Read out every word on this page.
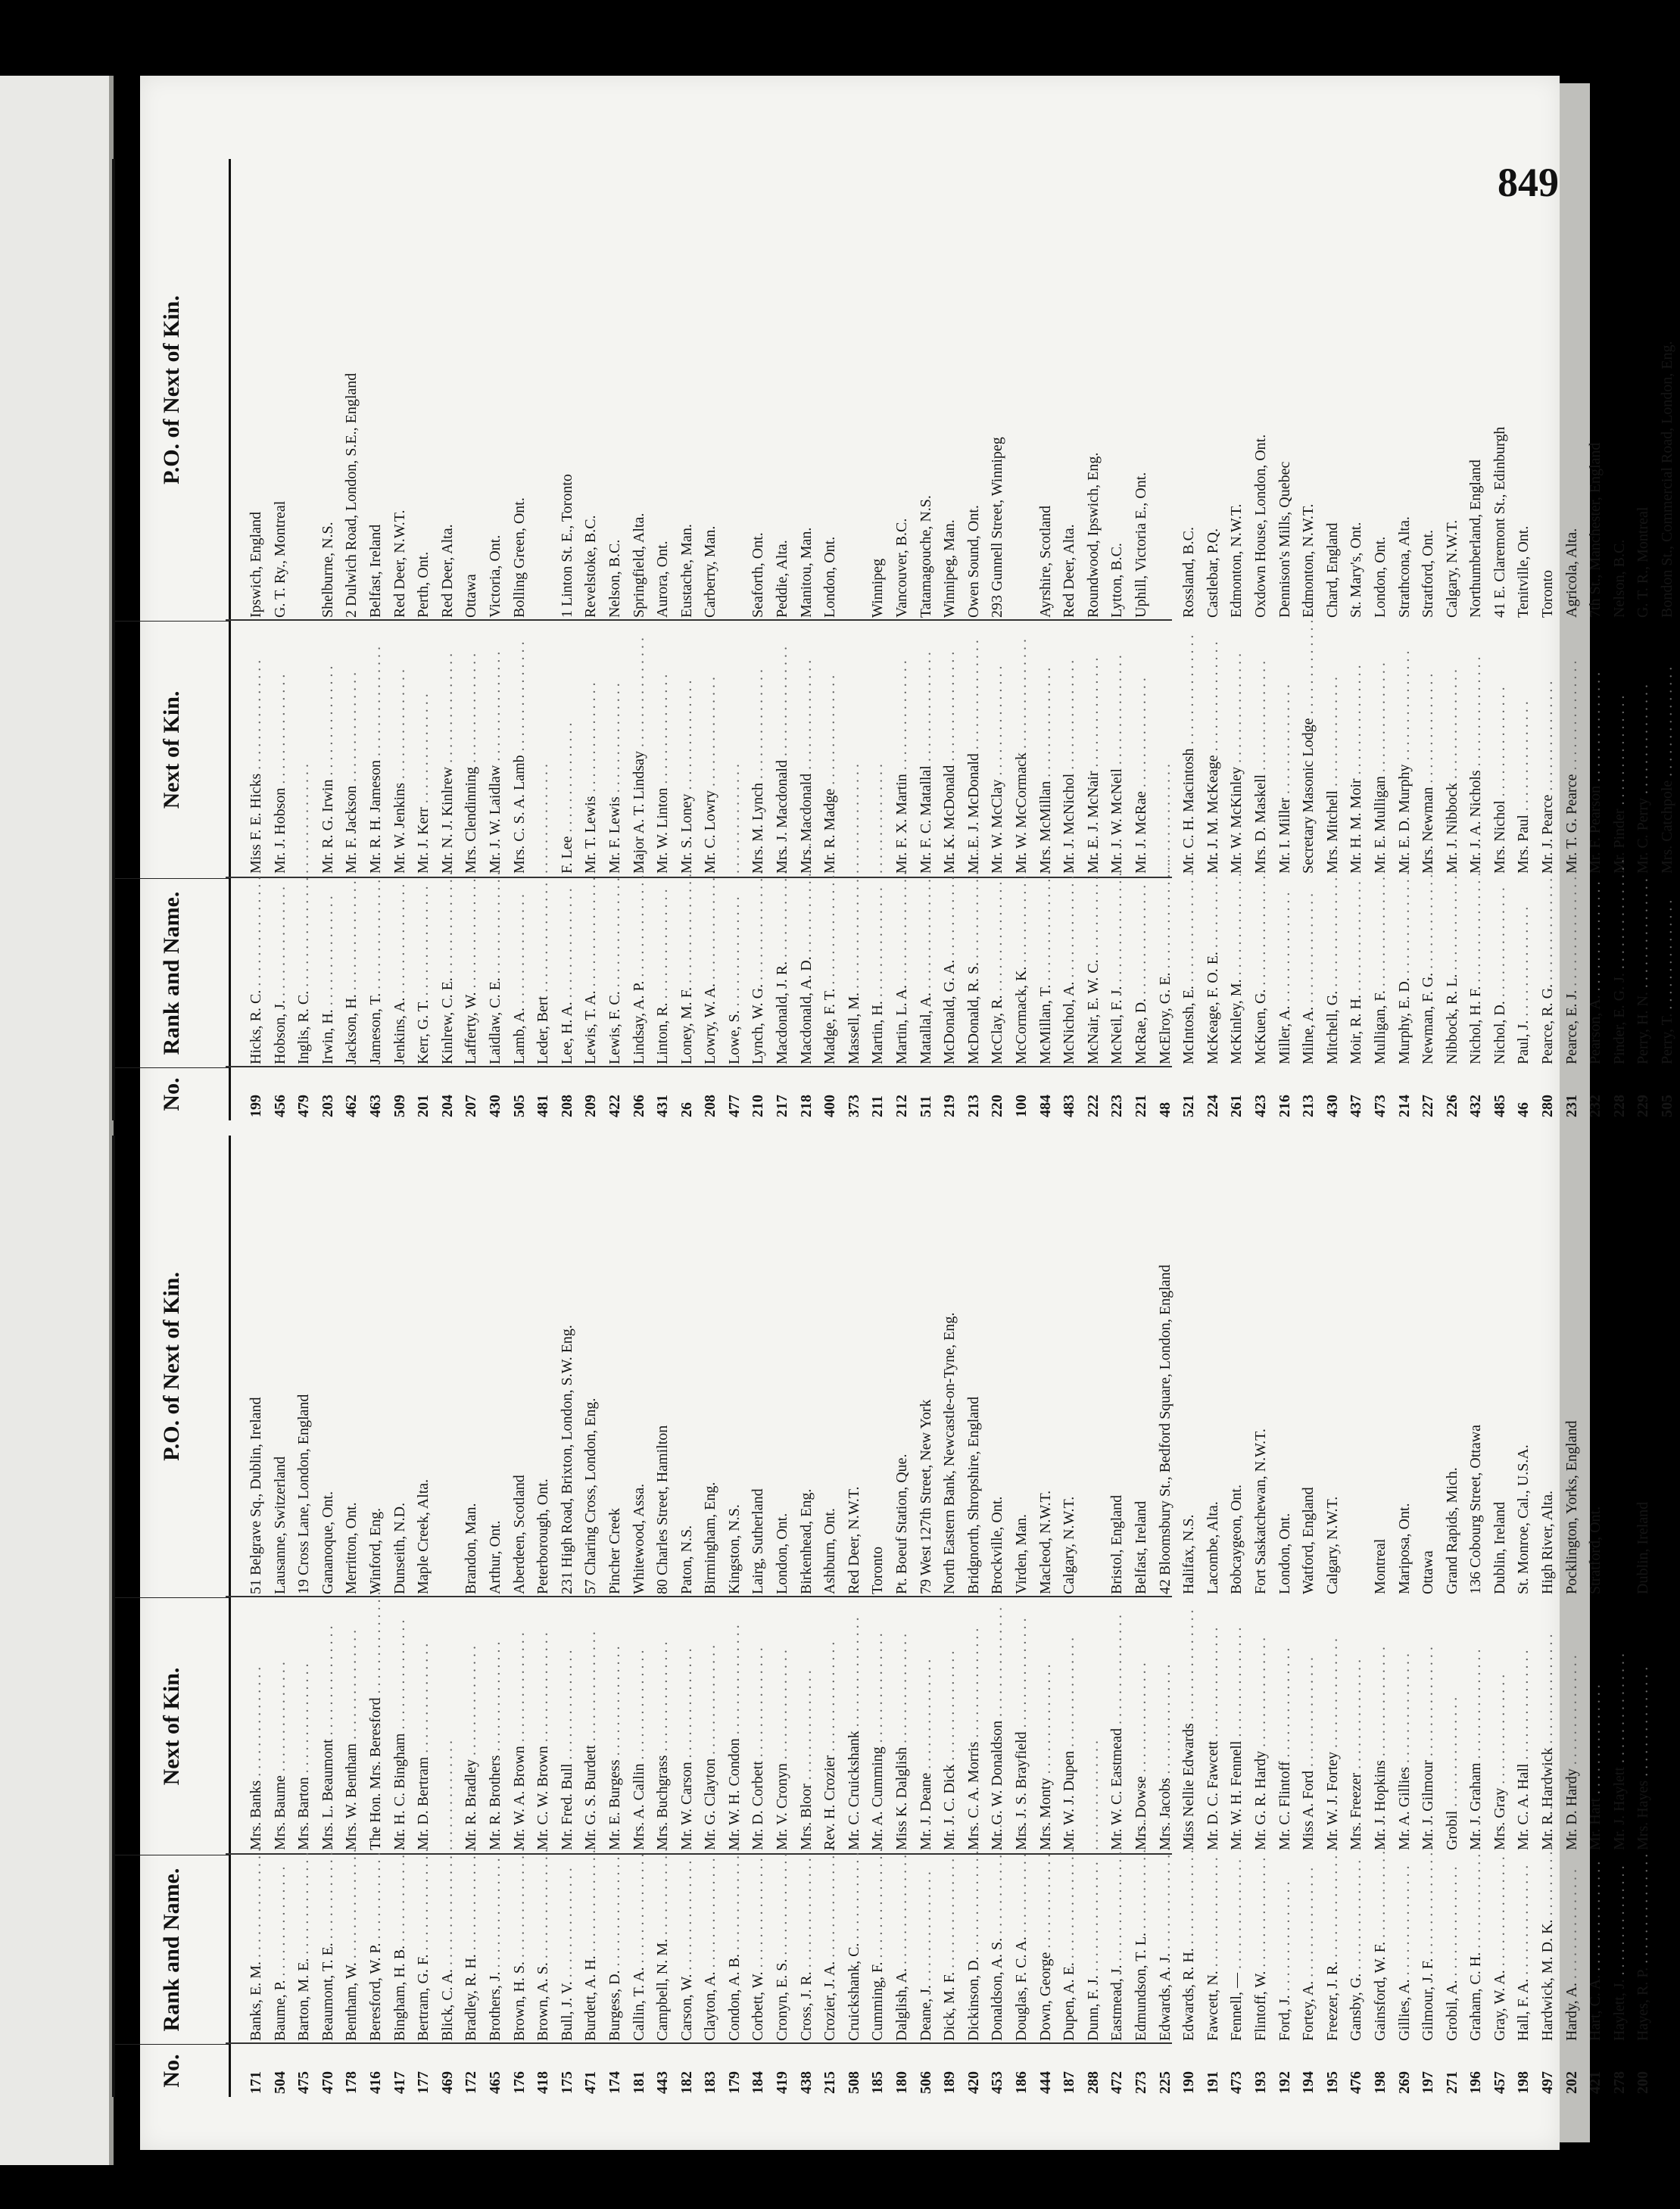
849
No.
Rank and Name.
Next of Kin.
P.O. of Next of Kin.
171
Banks, E. M. . . .
Mrs. Banks . . .
51 Belgrave Sq., Dublin, Ireland
504
Baume, P. . . .
Mrs. Baume . . .
Lausanne, Switzerland
475
Barton, M. E. . . .
Mrs. Barton . . .
19 Cross Lane, London, England
470
Beaumont, T. E. . . .
Mrs. L. Beaumont . . .
Gananoque, Ont.
178
Bentham, W. . . .
Mrs. W. Bentham . . .
Merritton, Ont.
416
Beresford, W. P. . . .
The Hon. Mrs. Beresford . . .
Winford, Eng.
417
Bingham, H. B. . . .
Mr. H. C. Bingham . . .
Dunseith, N.D.
177
Bertram, G. F. . . .
Mr. D. Bertram . . .
Maple Creek, Alta.
469
Blick, C. A. . . .
. . .
172
Bradley, R. H. . . .
Mr. R. Bradley . . .
Brandon, Man.
465
Brothers, J. . . .
Mr. R. Brothers . . .
Arthur, Ont.
176
Brown, H. S. . . .
Mr. W. A. Brown . . .
Aberdeen, Scotland
418
Brown, A. S. . . .
Mr. C. W. Brown . . .
Peterborough, Ont.
175
Bull, J. V. . . .
Mr. Fred. Bull . . .
231 High Road, Brixton, London, S.W. Eng.
471
Burdett, A. H. . . .
Mr. G. S. Burdett . . .
57 Charing Cross, London, Eng.
174
Burgess, D. . . .
Mr. E. Burgess . . .
Pincher Creek
181
Callin, T. A. . . .
Mrs. A. Callin . . .
Whitewood, Assa.
443
Campbell, N. M. . . .
Mrs. Buchgrass . . .
80 Charles Street, Hamilton
182
Carson, W. . . .
Mr. W. Carson . . .
Paton, N.S.
183
Clayton, A. . . .
Mr. G. Clayton . . .
Birmingham, Eng.
179
Condon, A. B. . . .
Mr. W. H. Condon . . .
Kingston, N.S.
184
Corbett, W. . . .
Mr. D. Corbett . . .
Lairg, Sutherland
419
Cronyn, E. S. . . .
Mr. V. Cronyn . . .
London, Ont.
438
Cross, J. R. . . .
Mrs. Bloor . . .
Birkenhead, Eng.
215
Crozier, J. A. . . .
Rev. H. Crozier . . .
Ashburn, Ont.
508
Cruickshank, C. . . .
Mr. C. Cruickshank . . .
Red Deer, N.W.T.
185
Cumming, F. . . .
Mr. A. Cumming . . .
Toronto
180
Dalglish, A. . . .
Miss K. Dalglish . . .
Pt. Boeuf Station, Que.
506
Deane, J. . . .
Mr. J. Deane . . .
79 West 127th Street, New York
189
Dick, M. F. . . .
Mr. J. C. Dick . . .
North Eastern Bank, Newcastle-on-Tyne, Eng.
420
Dickinson, D. . . .
Mrs. C. A. Morris . . .
Bridgnorth, Shropshire, England
453
Donaldson, A. S. . . .
Mr. G. W. Donaldson . . .
Brockville, Ont.
186
Douglas, F. C. A. . . .
Mrs. J. S. Brayfield . . .
Virden, Man.
444
Down, George . . .
Mrs. Monty . . .
Macleod, N.W.T.
187
Dupen, A. E. . . .
Mr. W. J. Dupen . . .
Calgary, N.W.T.
288
Dunn, F. J. . . .
. . .
472
Eastmead, J. . . .
Mr. W. C. Eastmead . . .
Bristol, England
273
Edmundson, T. L. . . .
Mrs. Dowse . . .
Belfast, Ireland
225
Edwards, A. J. . . .
Mrs. Jacobs . . .
42 Bloomsbury St., Bedford Square, London, England
190
Edwards, R. H. . . .
Miss Nellie Edwards . . .
Halifax, N.S.
191
Fawcett, N. . . .
Mr. D. C. Fawcett . . .
Lacombe, Alta.
473
Fennell, — . . .
Mr. W. H. Fennell . . .
Bobcaygeon, Ont.
193
Flintoff, W. . . .
Mr. G. R. Hardy . . .
Fort Saskatchewan, N.W.T.
192
Ford, J. . . .
Mr. C. Flintoff . . .
London, Ont.
194
Fortey, A. . . .
Miss A. Ford . . .
Watford, England
195
Freezer, J. R. . . .
Mr. W. J. Fortey . . .
Calgary, N.W.T.
476
Gansby, G. . . .
Mrs. Freezer . . .
198
Gainsford, W. F. . . .
Mr. J. Hopkins . . .
Montreal
269
Gillies, A. . . .
Mr. A. Gillies . . .
Mariposa, Ont.
197
Gilmour, J. F. . . .
Mr. J. Gilmour . . .
Ottawa
271
Grobil, A. . . .
Grobil . . .
Grand Rapids, Mich.
196
Graham, C. H. . . .
Mr. J. Graham . . .
136 Cobourg Street, Ottawa
457
Gray, W. A. . . .
Mrs. Gray . . .
Dublin, Ireland
198
Hall, F. A. . . .
Mr. C. A. Hall . . .
St. Monroe, Cal., U.S.A.
497
Hardwick, M. D. K. . . .
Mr. R. Hardwick . . .
High River, Alta.
202
Hardy, A. . . .
Mr. D. Hardy . . .
Pocklington, Yorks, England
421
Hart, C. A. . . .
Mr. Hart . . .
Stratford, Ont.
278
Haylett, J. . . .
Mr. J. Haylett . . .
200
Hayes, R. P. . . .
Mrs. Hayes . . .
Dublin, Ireland
No.
Rank and Name.
Next of Kin.
P.O. of Next of Kin.
199
Hicks, R. C. . . .
Miss F. E. Hicks . . .
Ipswich, England
456
Hobson, J. . . .
Mr. J. Hobson . . .
G. T. Ry., Montreal
479
Inglis, R. C. . . .
. . .
203
Irwin, H. . . .
Mr. R. G. Irwin . . .
Shelburne, N.S.
462
Jackson, H. . . .
Mr. F. Jackson . . .
2 Dulwich Road, London, S.E., England
463
Jameson, T. . . .
Mr. R. H. Jameson . . .
Belfast, Ireland
509
Jenkins, A. . . .
Mr. W. Jenkins . . .
Red Deer, N.W.T.
201
Kerr, G. T. . . .
Mr. J. Kerr . . .
Perth, Ont.
204
Kinlrew, C. E. . . .
Mr. N. J. Kinlrew . . .
Red Deer, Alta.
207
Lafferty, W. . . .
Mrs. Clendinning . . .
Ottawa
430
Laidlaw, C. E. . . .
Mr. J. W. Laidlaw . . .
Victoria, Ont.
505
Lamb, A. . . .
Mrs. C. S. A. Lamb . . .
Bolling Green, Ont.
481
Leder, Bert . . .
. . .
208
Lee, H. A. . . .
F. Lee . . .
1 Linton St. E., Toronto
209
Lewis, T. A. . . .
Mr. T. Lewis . . .
Revelstoke, B.C.
422
Lewis, F. C. . . .
Mr. F. Lewis . . .
Nelson, B.C.
206
Lindsay, A. P. . . .
Major A. T. Lindsay . . .
Springfield, Alta.
431
Linton, R. . . .
Mr. W. Linton . . .
Aurora, Ont.
26
Loney, M. F. . . .
Mr. S. Loney . . .
Eustache, Man.
208
Lowry, W. A. . . .
Mr. C. Lowry . . .
Carberry, Man.
477
Lowe, S. . . .
. . .
210
Lynch, W. G. . . .
Mrs. M. Lynch . . .
Seaforth, Ont.
217
Macdonald, J. R. . . .
Mrs. J. Macdonald . . .
Peddie, Alta.
218
Macdonald, A. D. . . .
Mrs. Macdonald . . .
Manitou, Man.
400
Madge, F. T. . . .
Mr. R. Madge . . .
London, Ont.
373
Massell, M. . . .
. . .
211
Martin, H. . . .
. . .
Winnipeg
212
Martin, L. A. . . .
Mr. F. X. Martin . . .
Vancouver, B.C.
511
Matallal, A. . . .
Mr. F. C. Matallal . . .
Tatamagouche, N.S.
219
McDonald, G. A. . . .
Mr. K. McDonald . . .
Winnipeg, Man.
213
McDonald, R. S. . . .
Mr. E. J. McDonald . . .
Owen Sound, Ont.
220
McClay, R. . . .
Mr. W. McClay . . .
293 Gunnell Street, Winnipeg
100
McCormack, K. . . .
Mr. W. McCormack . . .
484
McMillan, T. . . .
Mrs. McMillan . . .
Ayrshire, Scotland
483
McNichol, A. . . .
Mr. J. McNichol . . .
Red Deer, Alta.
222
McNair, E. W. C. . . .
Mr. E. J. McNair . . .
Roundwood, Ipswich, Eng.
223
McNeil, F. J. . . .
Mr. J. W. McNeil . . .
Lytton, B.C.
221
McRae, D. . . .
Mr. J. McRae . . .
Uphill, Victoria E., Ont.
48
McElroy, G. E. . . .
. . .
521
McIntosh, E. . . .
Mr. C. H. Macintosh . . .
Rossland, B.C.
224
McKeage, F. O. E. . . .
Mr. J. M. McKeage . . .
Castlebar, P.Q.
261
McKinley, M. . . .
Mr. W. McKinley . . .
Edmonton, N.W.T.
423
McKuen, G. . . .
Mrs. D. Maskell . . .
Oxdown House, London, Ont.
216
Miller, A. . . .
Mr. I. Miller . . .
Dennison's Mills, Quebec
213
Milne, A. . . .
Secretary Masonic Lodge . . .
Edmonton, N.W.T.
430
Mitchell, G. . . .
Mrs. Mitchell . . .
Chard, England
437
Moir, R. H. . . .
Mr. H. M. Moir . . .
St. Mary's, Ont.
473
Mulligan, F. . . .
Mr. E. Mulligan . . .
London, Ont.
214
Murphy, E. D. . . .
Mr. E. D. Murphy . . .
Strathcona, Alta.
227
Newman, F. G. . . .
Mrs. Newman . . .
Stratford, Ont.
226
Nibbock, R. L. . . .
Mr. J. Nibbock . . .
Calgary, N.W.T.
432
Nichol, H. F. . . .
Mr. J. A. Nichols . . .
Northumberland, England
485
Nichol, D. . . .
Mrs. Nichol . . .
41 E. Claremont St., Edinburgh
46
Paul, J. . . .
Mrs. Paul . . .
Tenitville, Ont.
280
Pearce, R. G. . . .
Mr. J. Pearce . . .
Toronto
231
Pearce, E. J. . . .
Mr. T. G. Pearce . . .
Agricola, Alta.
232
Pearson, A. . . .
Mr. F. Pearson . . .
7th St., Manchester, England
228
Pinder, E. G. J. . . .
Mr. Pinder . . .
Nelson, B.C.
229
Perry, H. N. . . .
Mr. C. Perry . . .
G. T. R., Montreal
505
Perry, T. . . .
Mrs. Catchpole . . .
Bondon St., Commercial Road, London, Eng.
